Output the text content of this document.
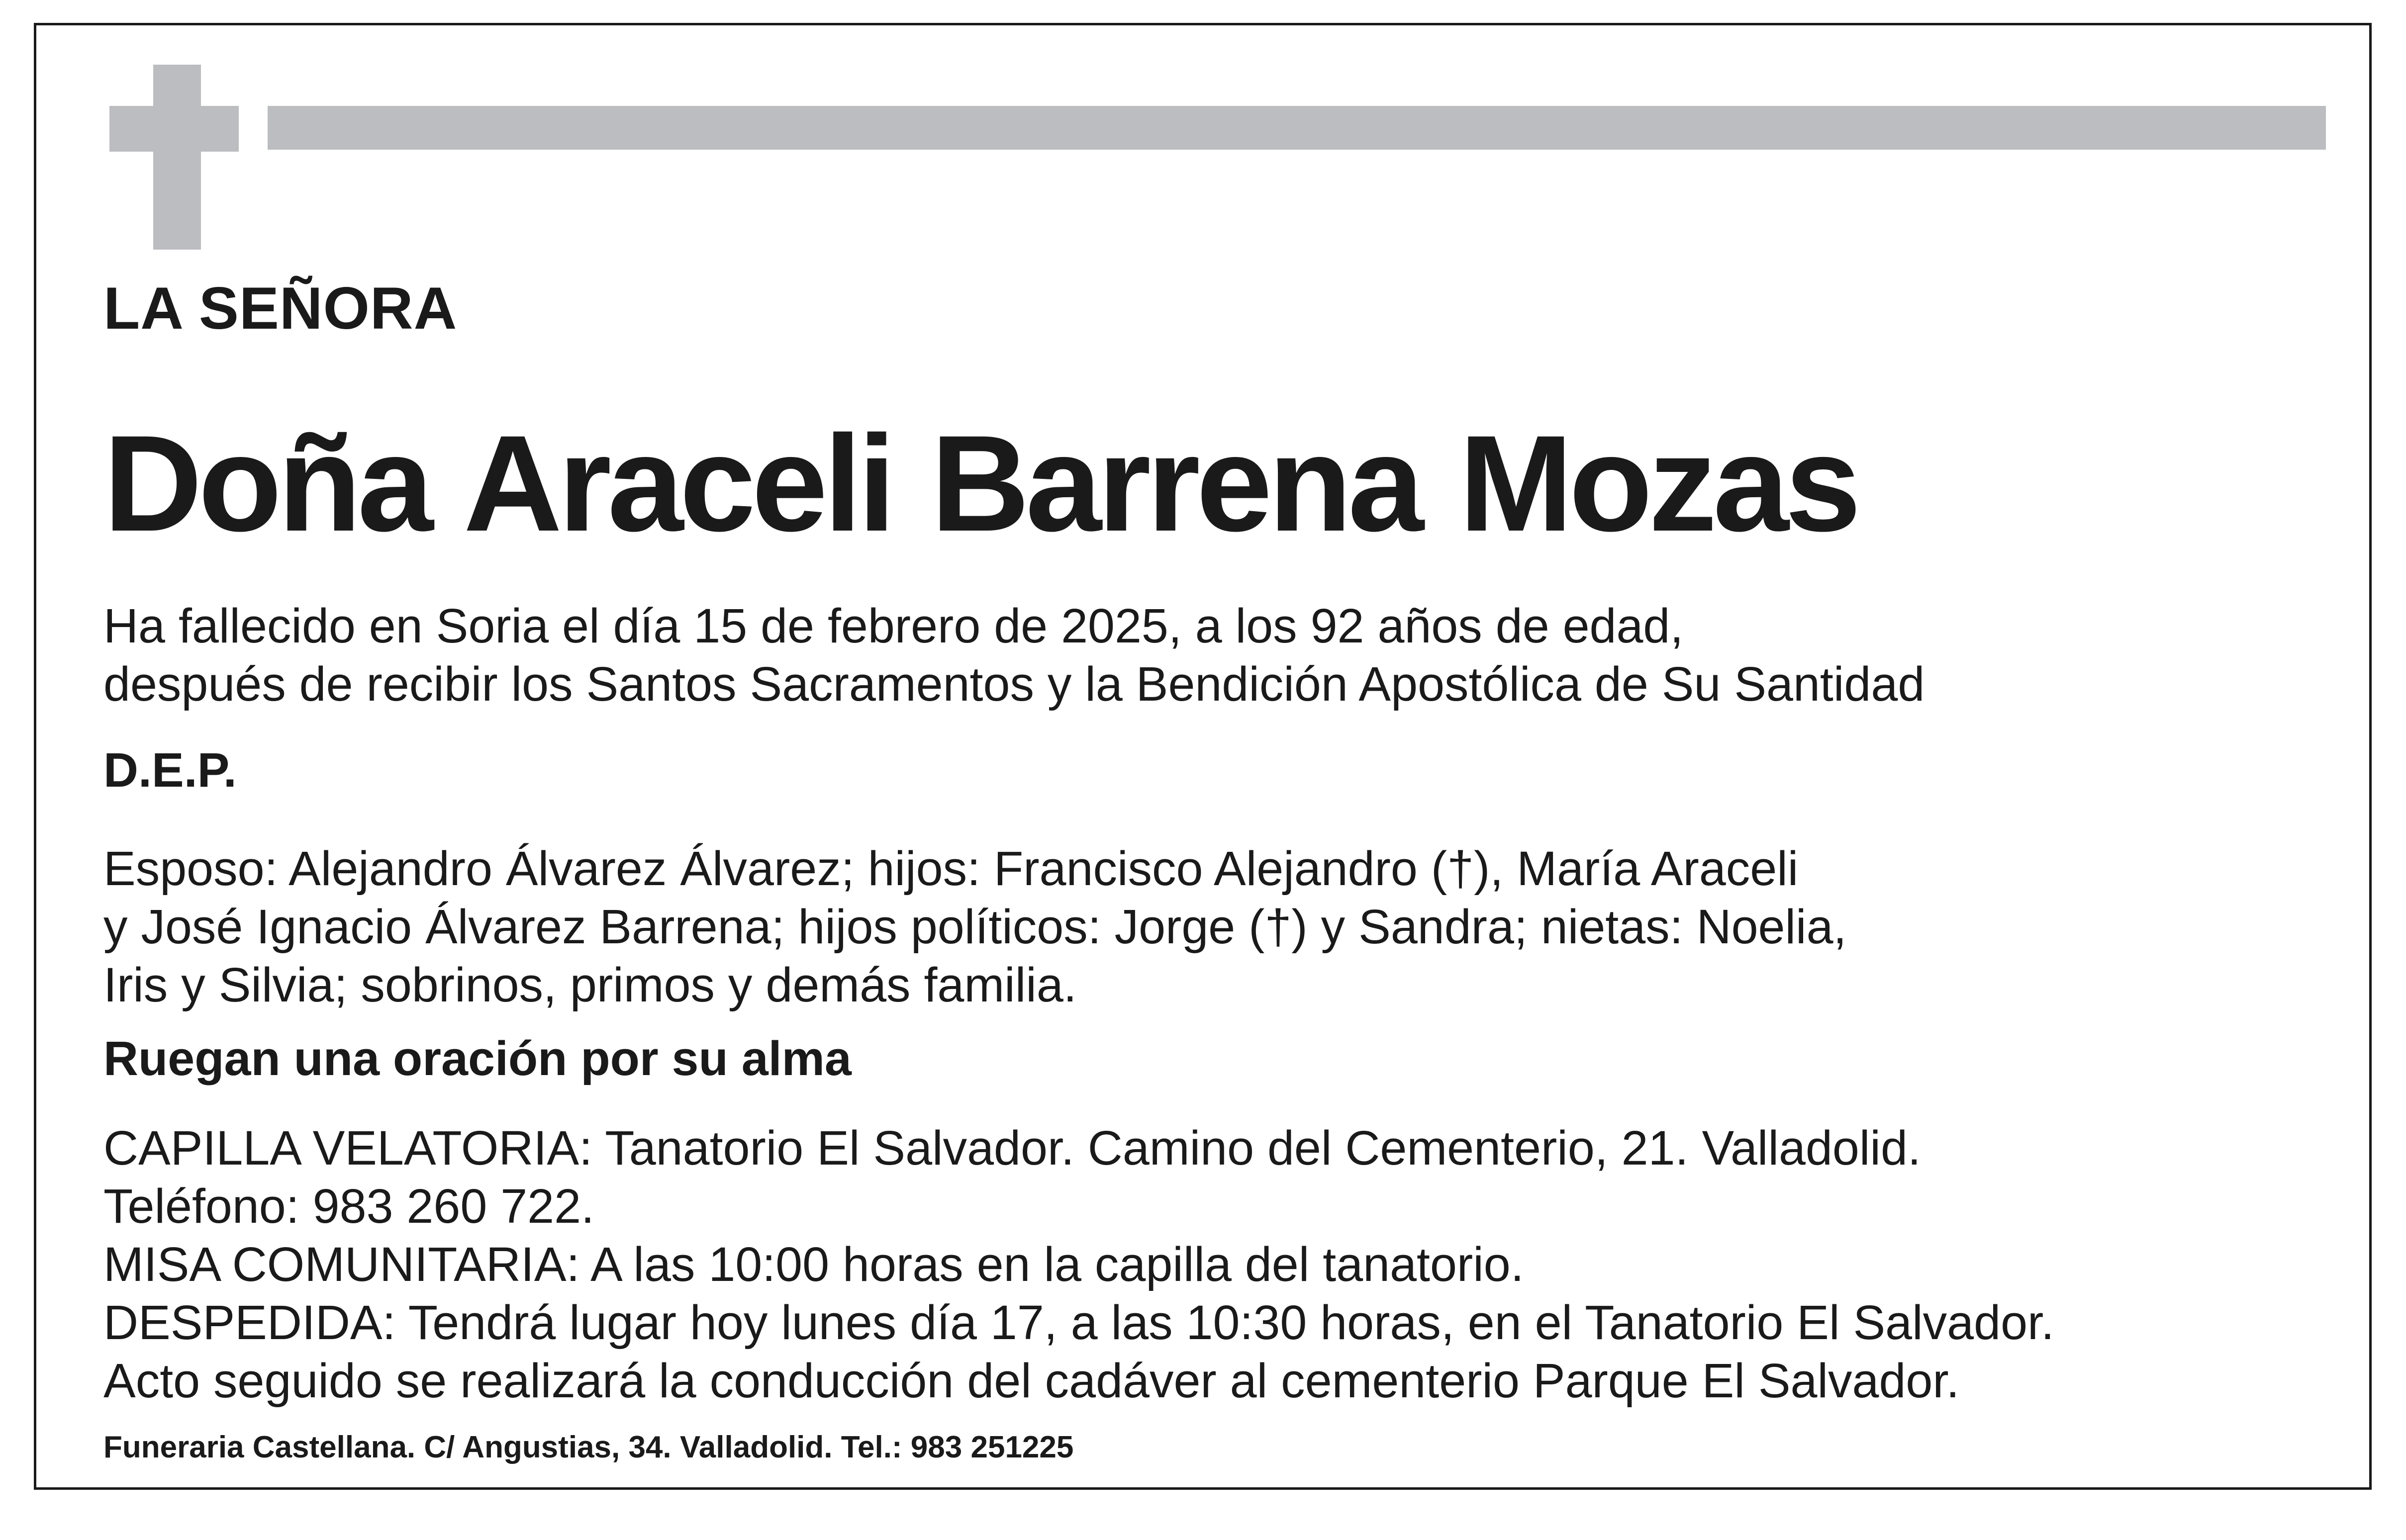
LA SEÑORA

Doña Araceli Barrena Mozas
Ha fallecido en Soria el día 15 de febrero de 2025, a los 92 años de edad,
después de recibir los Santos Sacramentos y la Bendición Apostólica de Su Santidad

D.E.P.

Esposo: Alejandro Álvarez Álvarez; hijos: Francisco Alejandro (†), María Araceli
y José Ignacio Álvarez Barrena; hijos políticos: Jorge (†) y Sandra; nietas: Noelia,
Iris y Silvia; sobrinos, primos y demás familia.

Ruegan una oración por su alma

CAPILLA VELATORIA: Tanatorio El Salvador. Camino del Cementerio, 21. Valladolid.
Teléfono: 983 260 722.
MISA COMUNITARIA: A las 10:00 horas en la capilla del tanatorio.
DESPEDIDA: Tendrá lugar hoy lunes día 17, a las 10:30 horas, en el Tanatorio El Salvador.
Acto seguido se realizará la conducción del cadáver al cementerio Parque El Salvador.

Funeraria Castellana. C/ Angustias, 34. Valladolid. Tel.: 983 251225
